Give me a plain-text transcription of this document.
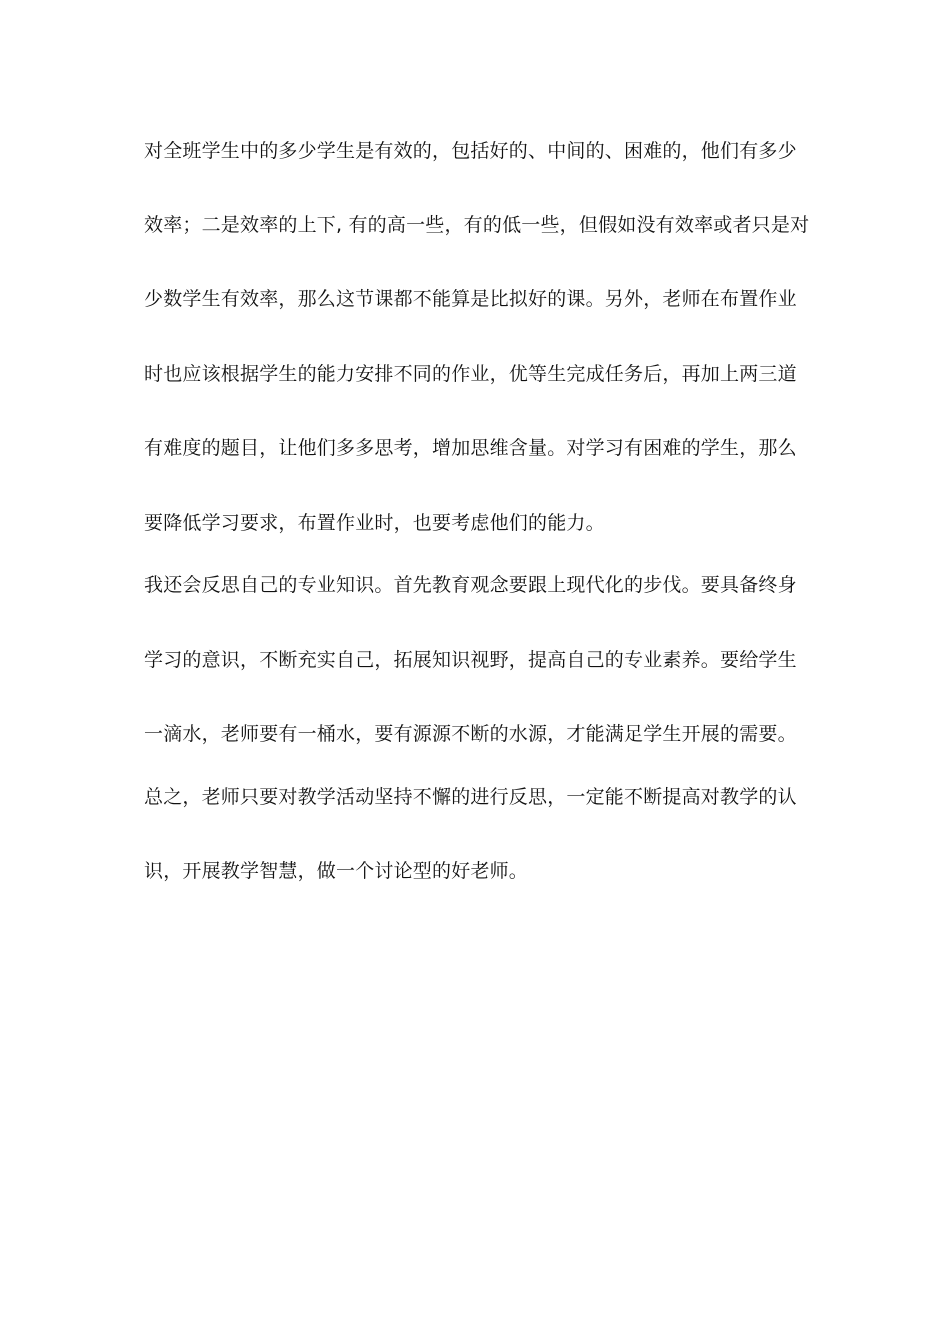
对全班学生中的多少学生是有效的，包括好的、中间的、困难的，他们有多少
效率；二是效率的上下, 有的高一些，有的低一些，但假如没有效率或者只是对
少数学生有效率，那么这节课都不能算是比拟好的课。另外，老师在布置作业
时也应该根据学生的能力安排不同的作业，优等生完成任务后，再加上两三道
有难度的题目，让他们多多思考，增加思维含量。对学习有困难的学生，那么
要降低学习要求，布置作业时，也要考虑他们的能力。
我还会反思自己的专业知识。首先教育观念要跟上现代化的步伐。要具备终身
学习的意识，不断充实自己，拓展知识视野，提高自己的专业素养。要给学生
一滴水，老师要有一桶水，要有源源不断的水源，才能满足学生开展的需要。
总之，老师只要对教学活动坚持不懈的进行反思，一定能不断提高对教学的认
识，开展教学智慧，做一个讨论型的好老师。
